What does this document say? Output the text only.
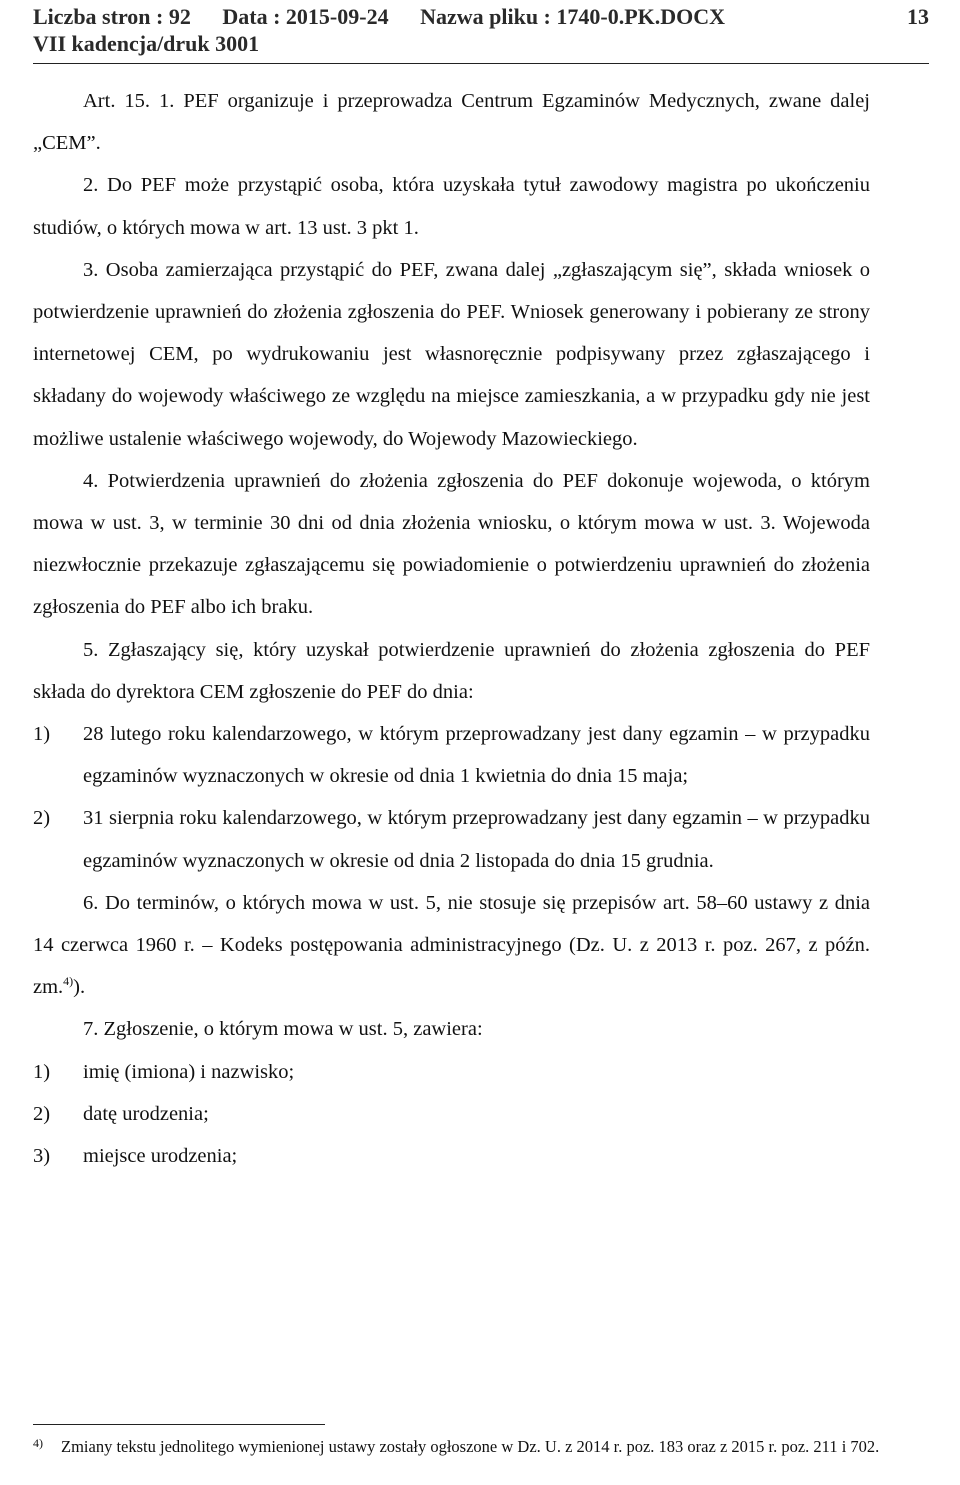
Liczba stron : 92 Data : 2015-09-24 Nazwa pliku : 1740-0.PK.DOCX	13
VII kadencja/druk 3001

Art. 15. 1. PEF organizuje i przeprowadza Centrum Egzaminów Medycznych, zwane dalej „CEM”.

2. Do PEF może przystąpić osoba, która uzyskała tytuł zawodowy magistra po ukończeniu studiów, o których mowa w art. 13 ust. 3 pkt 1.

3. Osoba zamierzająca przystąpić do PEF, zwana dalej „zgłaszającym się”, składa wniosek o potwierdzenie uprawnień do złożenia zgłoszenia do PEF. Wniosek generowany i pobierany ze strony internetowej CEM, po wydrukowaniu jest własnoręcznie podpisywany przez zgłaszającego i składany do wojewody właściwego ze względu na miejsce zamieszkania, a w przypadku gdy nie jest możliwe ustalenie właściwego wojewody, do Wojewody Mazowieckiego.

4. Potwierdzenia uprawnień do złożenia zgłoszenia do PEF dokonuje wojewoda, o którym mowa w ust. 3, w terminie 30 dni od dnia złożenia wniosku, o którym mowa w ust. 3. Wojewoda niezwłocznie przekazuje zgłaszającemu się powiadomienie o potwierdzeniu uprawnień do złożenia zgłoszenia do PEF albo ich braku.

5. Zgłaszający się, który uzyskał potwierdzenie uprawnień do złożenia zgłoszenia do PEF składa do dyrektora CEM zgłoszenie do PEF do dnia:

1) 28 lutego roku kalendarzowego, w którym przeprowadzany jest dany egzamin – w przypadku egzaminów wyznaczonych w okresie od dnia 1 kwietnia do dnia 15 maja;
2) 31 sierpnia roku kalendarzowego, w którym przeprowadzany jest dany egzamin – w przypadku egzaminów wyznaczonych w okresie od dnia 2 listopada do dnia 15 grudnia.

6. Do terminów, o których mowa w ust. 5, nie stosuje się przepisów art. 58–60 ustawy z dnia 14 czerwca 1960 r. – Kodeks postępowania administracyjnego (Dz. U. z 2013 r. poz. 267, z późn. zm.$^{4)}$).

7. Zgłoszenie, o którym mowa w ust. 5, zawiera:

1) imię (imiona) i nazwisko;
2) datę urodzenia;
3) miejsce urodzenia;
4)	Zmiany tekstu jednolitego wymienionej ustawy zostały ogłoszone w Dz. U. z 2014 r. poz. 183 oraz z 2015 r. poz. 211 i 702.
